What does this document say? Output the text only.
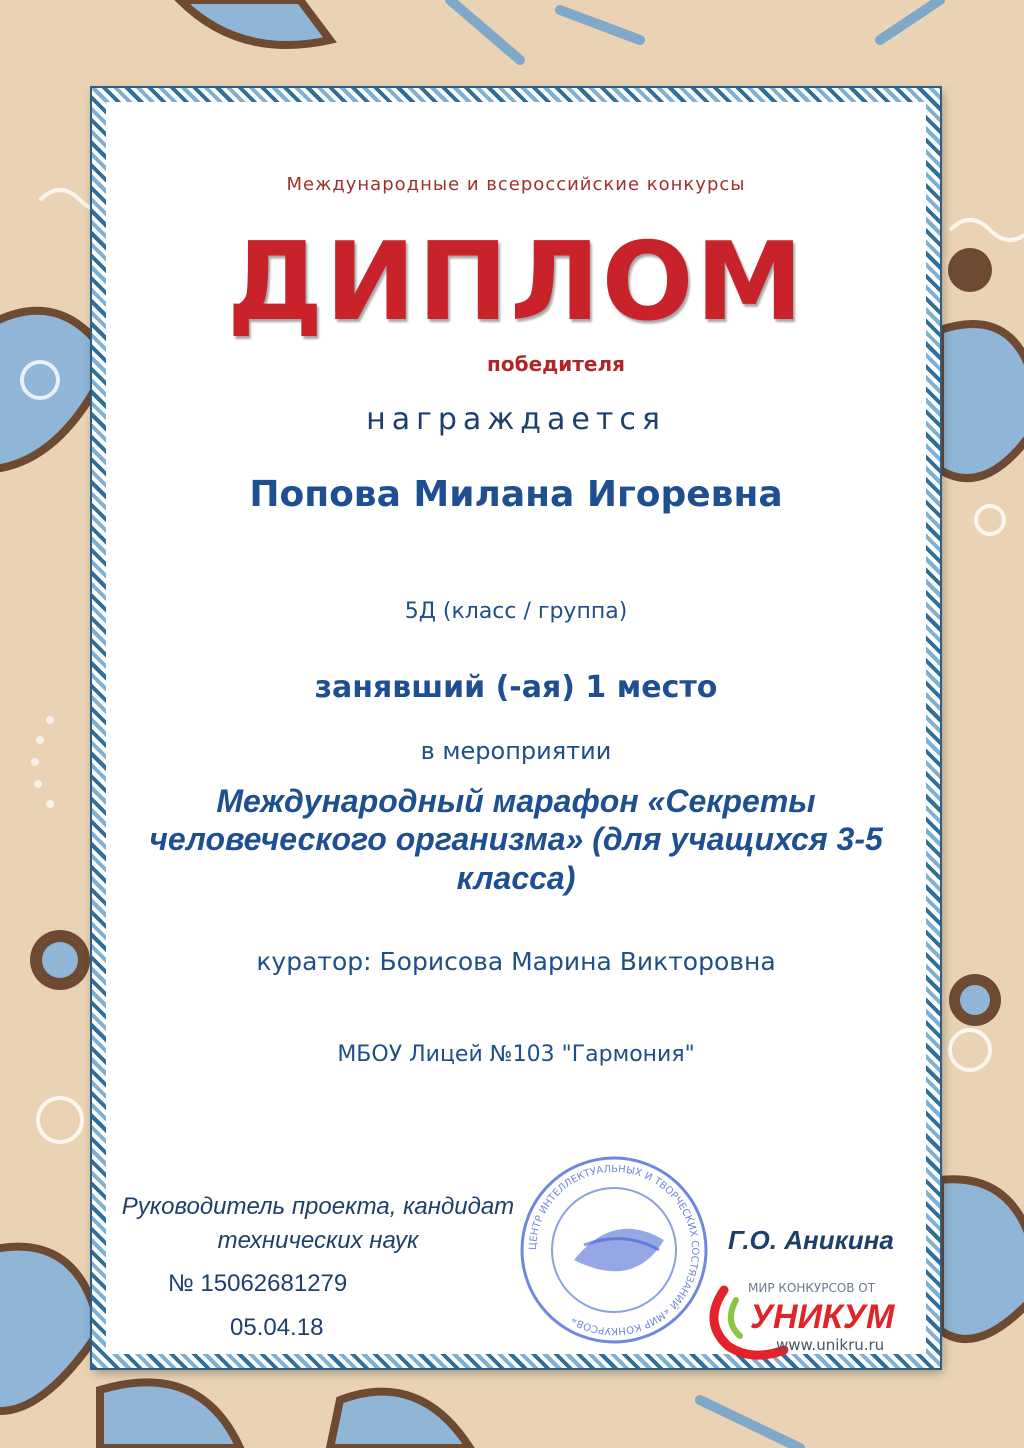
Международные и всероссийские конкурсы
ДИПЛОМ
победителя
награждается
Попова Милана Игоревна
5Д (класс / группа)
занявший (-ая) 1 место
в мероприятии
Международный марафон «Секреты человеческого организма» (для учащихся 3-5 класса)
куратор: Борисова Марина Викторовна
МБОУ Лицей №103 "Гармония"
Руководитель проекта, кандидат технических наук
№ 15062681279
05.04.18
Г.О. Аникина
ЦЕНТР ИНТЕЛЛЕКТУАЛЬНЫХ И ТВОРЧЕСКИХ СОСТЯЗАНИЙ «МИР КОНКУРСОВ»
МИР КОНКУРСОВ ОТ
УНИКУМ
www.unikru.ru
